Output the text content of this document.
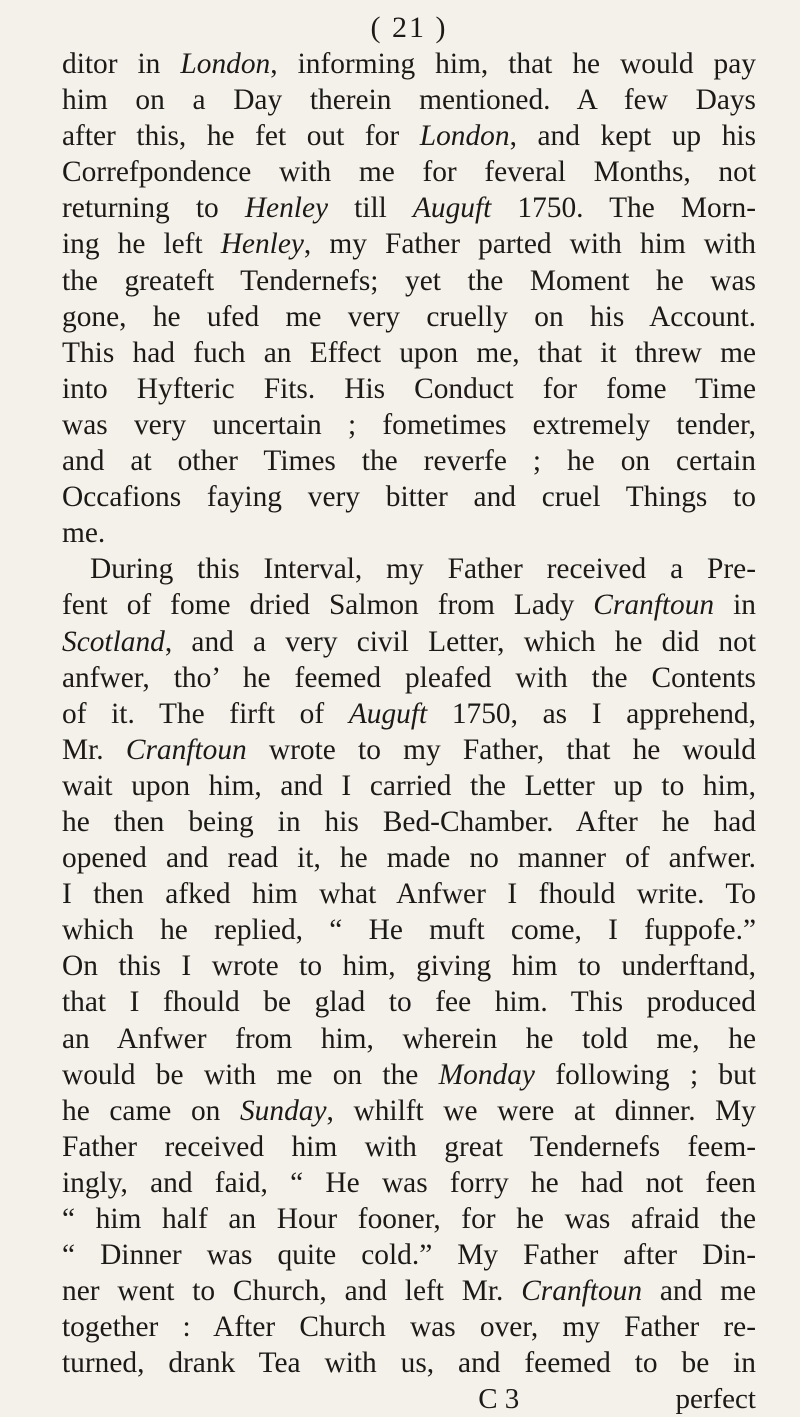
( 21 )
ditor in London, informing him, that he would pay
him on a Day therein mentioned. A few Days
after this, he fet out for London, and kept up his
Correfpondence with me for feveral Months, not
returning to Henley till Auguft 1750. The Morn-
ing he left Henley, my Father parted with him with
the greateft Tendernefs; yet the Moment he was
gone, he ufed me very cruelly on his Account.
This had fuch an Effect upon me, that it threw me
into Hyfteric Fits. His Conduct for fome Time
was very uncertain ; fometimes extremely tender,
and at other Times the reverfe ; he on certain
Occafions faying very bitter and cruel Things to
me.
During this Interval, my Father received a Pre-
fent of fome dried Salmon from Lady Cranftoun in
Scotland, and a very civil Letter, which he did not
anfwer, tho’ he feemed pleafed with the Contents
of it. The firft of Auguft 1750, as I apprehend,
Mr. Cranftoun wrote to my Father, that he would
wait upon him, and I carried the Letter up to him,
he then being in his Bed-Chamber. After he had
opened and read it, he made no manner of anfwer.
I then afked him what Anfwer I fhould write. To
which he replied, “ He muft come, I fuppofe.”
On this I wrote to him, giving him to underftand,
that I fhould be glad to fee him. This produced
an Anfwer from him, wherein he told me, he
would be with me on the Monday following ; but
he came on Sunday, whilft we were at dinner. My
Father received him with great Tendernefs feem-
ingly, and faid, “ He was forry he had not feen
“ him half an Hour fooner, for he was afraid the
“ Dinner was quite cold.” My Father after Din-
ner went to Church, and left Mr. Cranftoun and me
together : After Church was over, my Father re-
turned, drank Tea with us, and feemed to be in
C 3	perfect
